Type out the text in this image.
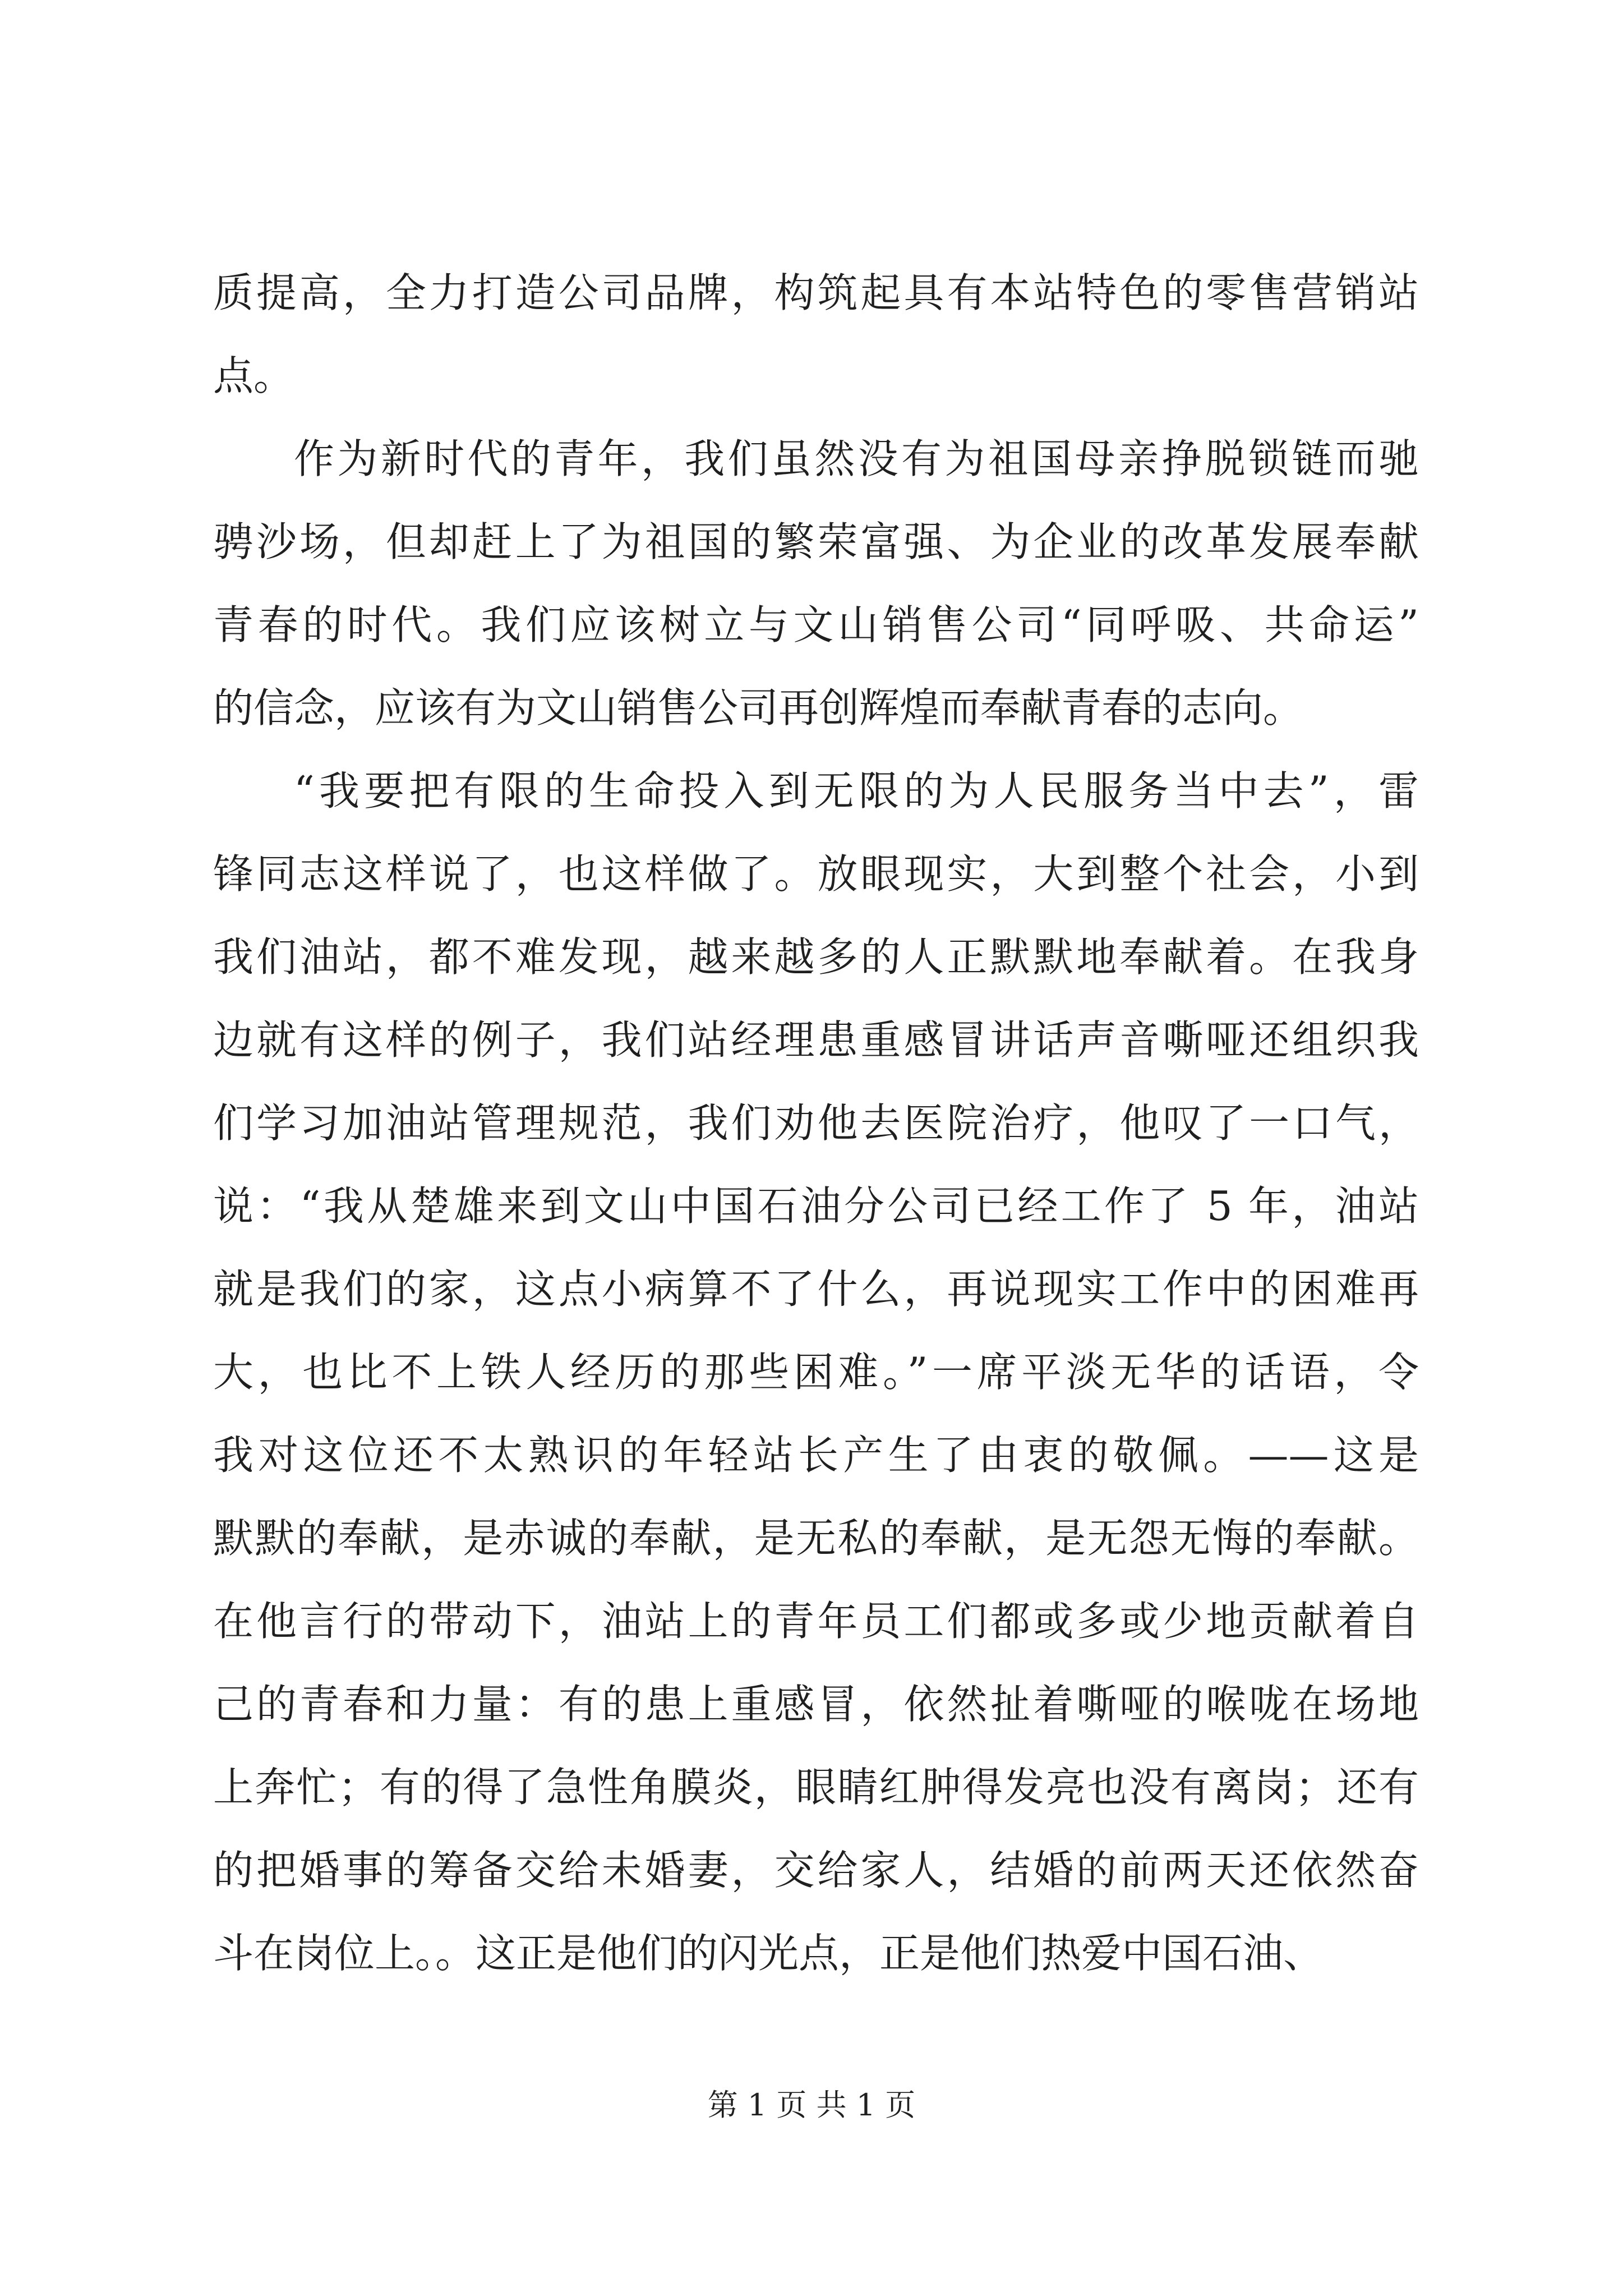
质提高，全力打造公司品牌，构筑起具有本站特色的零售营销站
点。
作为新时代的青年，我们虽然没有为祖国母亲挣脱锁链而驰
骋沙场，但却赶上了为祖国的繁荣富强、为企业的改革发展奉献
青春的时代。我们应该树立与文山销售公司“同呼吸、共命运”
的信念，应该有为文山销售公司再创辉煌而奉献青春的志向。
“我要把有限的生命投入到无限的为人民服务当中去”，雷
锋同志这样说了，也这样做了。放眼现实，大到整个社会，小到
我们油站，都不难发现，越来越多的人正默默地奉献着。在我身
边就有这样的例子，我们站经理患重感冒讲话声音嘶哑还组织我
们学习加油站管理规范，我们劝他去医院治疗，他叹了一口气，
说：“我从楚雄来到文山中国石油分公司已经工作了 5 年，油站
就是我们的家，这点小病算不了什么，再说现实工作中的困难再
大，也比不上铁人经历的那些困难。”一席平淡无华的话语，令
我对这位还不太熟识的年轻站长产生了由衷的敬佩。——这是
默默的奉献，是赤诚的奉献，是无私的奉献，是无怨无悔的奉献。
在他言行的带动下，油站上的青年员工们都或多或少地贡献着自
己的青春和力量：有的患上重感冒，依然扯着嘶哑的喉咙在场地
上奔忙；有的得了急性角膜炎，眼睛红肿得发亮也没有离岗；还有
的把婚事的筹备交给未婚妻，交给家人，结婚的前两天还依然奋
斗在岗位上。。这正是他们的闪光点，正是他们热爱中国石油、
第 1 页 共 1 页
